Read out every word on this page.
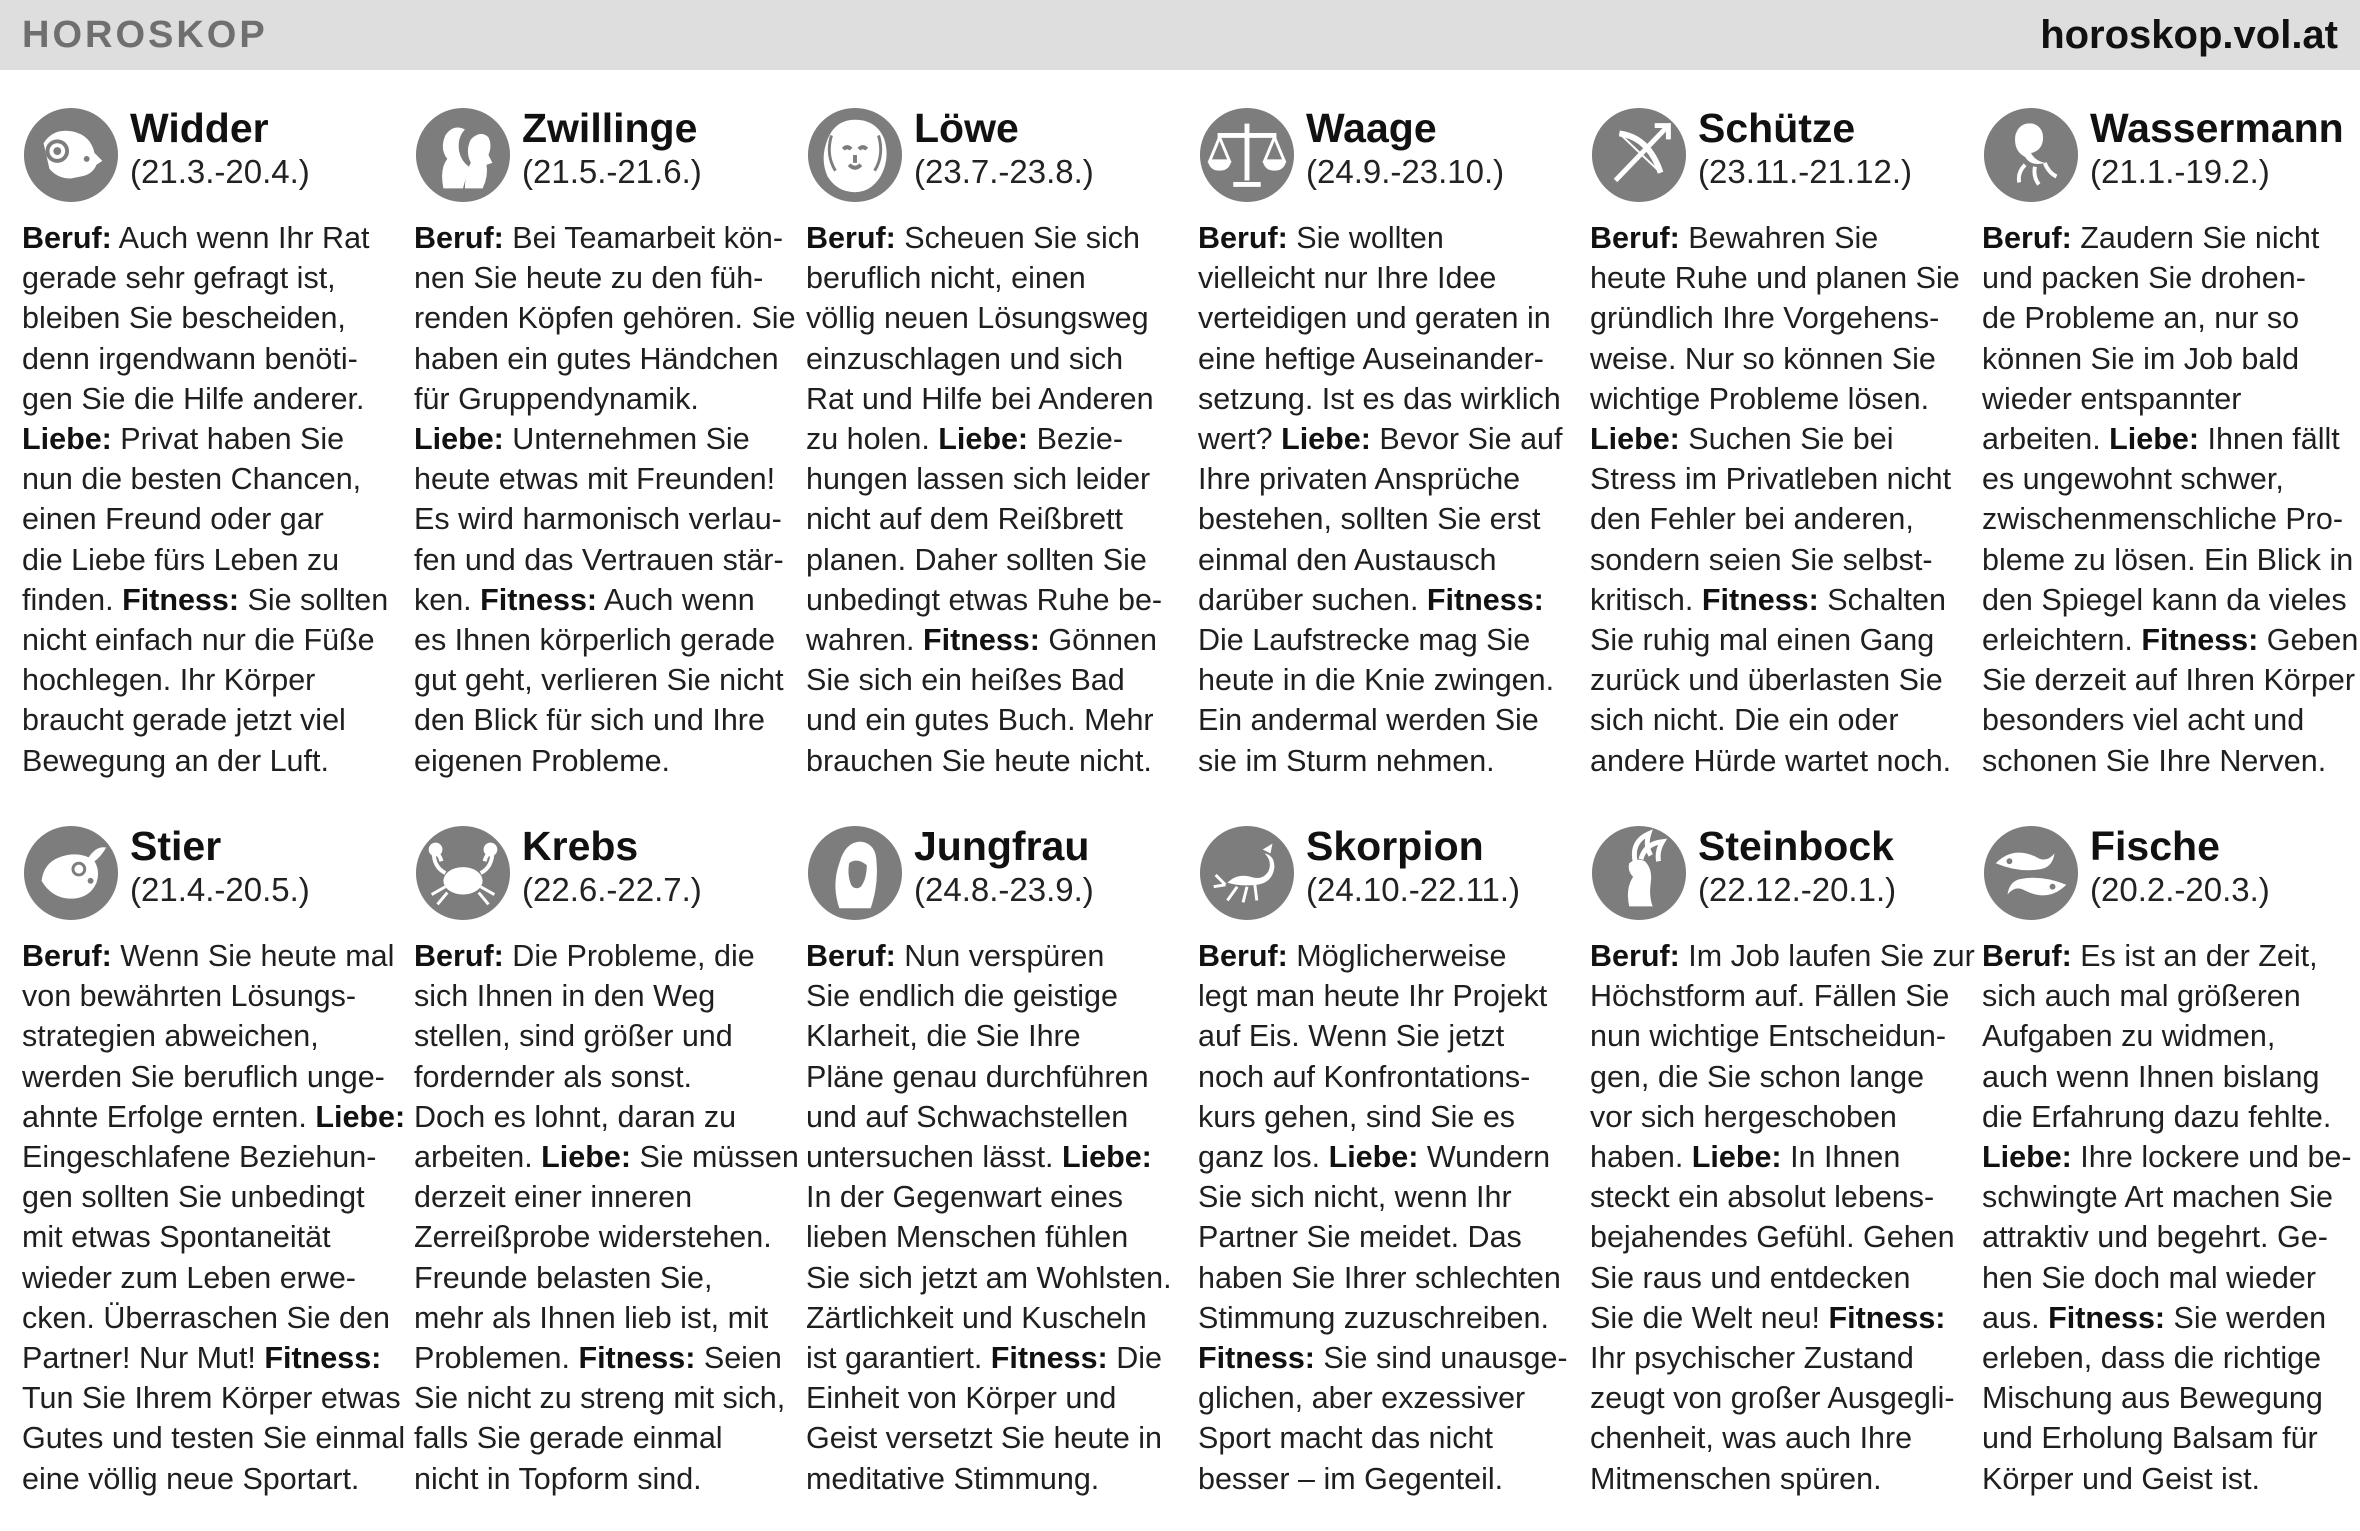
HOROSKOP	horoskop.vol.at
Widder
(21.3.-20.4.)

Beruf: Auch wenn Ihr Rat

gerade sehr gefragt ist,

bleiben Sie bescheiden,

denn irgendwann benöti-

gen Sie die Hilfe anderer.

Liebe: Privat haben Sie

nun die besten Chancen,

einen Freund oder gar

die Liebe fürs Leben zu

finden. Fitness: Sie sollten

nicht einfach nur die Füße

hochlegen. Ihr Körper

braucht gerade jetzt viel

Bewegung an der Luft.

Zwillinge
(21.5.-21.6.)

Beruf: Bei Teamarbeit kön-

nen Sie heute zu den füh-

renden Köpfen gehören. Sie

haben ein gutes Händchen

für Gruppendynamik.

Liebe: Unternehmen Sie

heute etwas mit Freunden!

Es wird harmonisch verlau-

fen und das Vertrauen stär-

ken. Fitness: Auch wenn

es Ihnen körperlich gerade

gut geht, verlieren Sie nicht

den Blick für sich und Ihre

eigenen Probleme.

Löwe
(23.7.-23.8.)

Beruf: Scheuen Sie sich

beruflich nicht, einen

völlig neuen Lösungsweg

einzuschlagen und sich

Rat und Hilfe bei Anderen

zu holen. Liebe: Bezie-

hungen lassen sich leider

nicht auf dem Reißbrett

planen. Daher sollten Sie

unbedingt etwas Ruhe be-

wahren. Fitness: Gönnen

Sie sich ein heißes Bad

und ein gutes Buch. Mehr

brauchen Sie heute nicht.

Waage
(24.9.-23.10.)

Beruf: Sie wollten

vielleicht nur Ihre Idee

verteidigen und geraten in

eine heftige Auseinander-

setzung. Ist es das wirklich

wert? Liebe: Bevor Sie auf

Ihre privaten Ansprüche

bestehen, sollten Sie erst

einmal den Austausch

darüber suchen. Fitness:

Die Laufstrecke mag Sie

heute in die Knie zwingen.

Ein andermal werden Sie

sie im Sturm nehmen.

Schütze
(23.11.-21.12.)

Beruf: Bewahren Sie

heute Ruhe und planen Sie

gründlich Ihre Vorgehens-

weise. Nur so können Sie

wichtige Probleme lösen.

Liebe: Suchen Sie bei

Stress im Privatleben nicht

den Fehler bei anderen,

sondern seien Sie selbst-

kritisch. Fitness: Schalten

Sie ruhig mal einen Gang

zurück und überlasten Sie

sich nicht. Die ein oder

andere Hürde wartet noch.

Wassermann
(21.1.-19.2.)

Beruf: Zaudern Sie nicht

und packen Sie drohen-

de Probleme an, nur so

können Sie im Job bald

wieder entspannter

arbeiten. Liebe: Ihnen fällt

es ungewohnt schwer,

zwischenmenschliche Pro-

bleme zu lösen. Ein Blick in

den Spiegel kann da vieles

erleichtern. Fitness: Geben

Sie derzeit auf Ihren Körper

besonders viel acht und

schonen Sie Ihre Nerven.

Stier
(21.4.-20.5.)

Beruf: Wenn Sie heute mal

von bewährten Lösungs-

strategien abweichen,

werden Sie beruflich unge-

ahnte Erfolge ernten. Liebe:

Eingeschlafene Beziehun-

gen sollten Sie unbedingt

mit etwas Spontaneität

wieder zum Leben erwe-

cken. Überraschen Sie den

Partner! Nur Mut! Fitness:

Tun Sie Ihrem Körper etwas

Gutes und testen Sie einmal

eine völlig neue Sportart.

Krebs
(22.6.-22.7.)

Beruf: Die Probleme, die

sich Ihnen in den Weg

stellen, sind größer und

fordernder als sonst.

Doch es lohnt, daran zu

arbeiten. Liebe: Sie müssen

derzeit einer inneren

Zerreißprobe widerstehen.

Freunde belasten Sie,

mehr als Ihnen lieb ist, mit

Problemen. Fitness: Seien

Sie nicht zu streng mit sich,

falls Sie gerade einmal

nicht in Topform sind.

Jungfrau
(24.8.-23.9.)

Beruf: Nun verspüren

Sie endlich die geistige

Klarheit, die Sie Ihre

Pläne genau durchführen

und auf Schwachstellen

untersuchen lässt. Liebe:

In der Gegenwart eines

lieben Menschen fühlen

Sie sich jetzt am Wohlsten.

Zärtlichkeit und Kuscheln

ist garantiert. Fitness: Die

Einheit von Körper und

Geist versetzt Sie heute in

meditative Stimmung.

Skorpion
(24.10.-22.11.)

Beruf: Möglicherweise

legt man heute Ihr Projekt

auf Eis. Wenn Sie jetzt

noch auf Konfrontations-

kurs gehen, sind Sie es

ganz los. Liebe: Wundern

Sie sich nicht, wenn Ihr

Partner Sie meidet. Das

haben Sie Ihrer schlechten

Stimmung zuzuschreiben.

Fitness: Sie sind unausge-

glichen, aber exzessiver

Sport macht das nicht

besser – im Gegenteil.

Steinbock
(22.12.-20.1.)

Beruf: Im Job laufen Sie zur

Höchstform auf. Fällen Sie

nun wichtige Entscheidun-

gen, die Sie schon lange

vor sich hergeschoben

haben. Liebe: In Ihnen

steckt ein absolut lebens-

bejahendes Gefühl. Gehen

Sie raus und entdecken

Sie die Welt neu! Fitness:

Ihr psychischer Zustand

zeugt von großer Ausgegli-

chenheit, was auch Ihre

Mitmenschen spüren.

Fische
(20.2.-20.3.)

Beruf: Es ist an der Zeit,

sich auch mal größeren

Aufgaben zu widmen,

auch wenn Ihnen bislang

die Erfahrung dazu fehlte.

Liebe: Ihre lockere und be-

schwingte Art machen Sie

attraktiv und begehrt. Ge-

hen Sie doch mal wieder

aus. Fitness: Sie werden

erleben, dass die richtige

Mischung aus Bewegung

und Erholung Balsam für

Körper und Geist ist.
